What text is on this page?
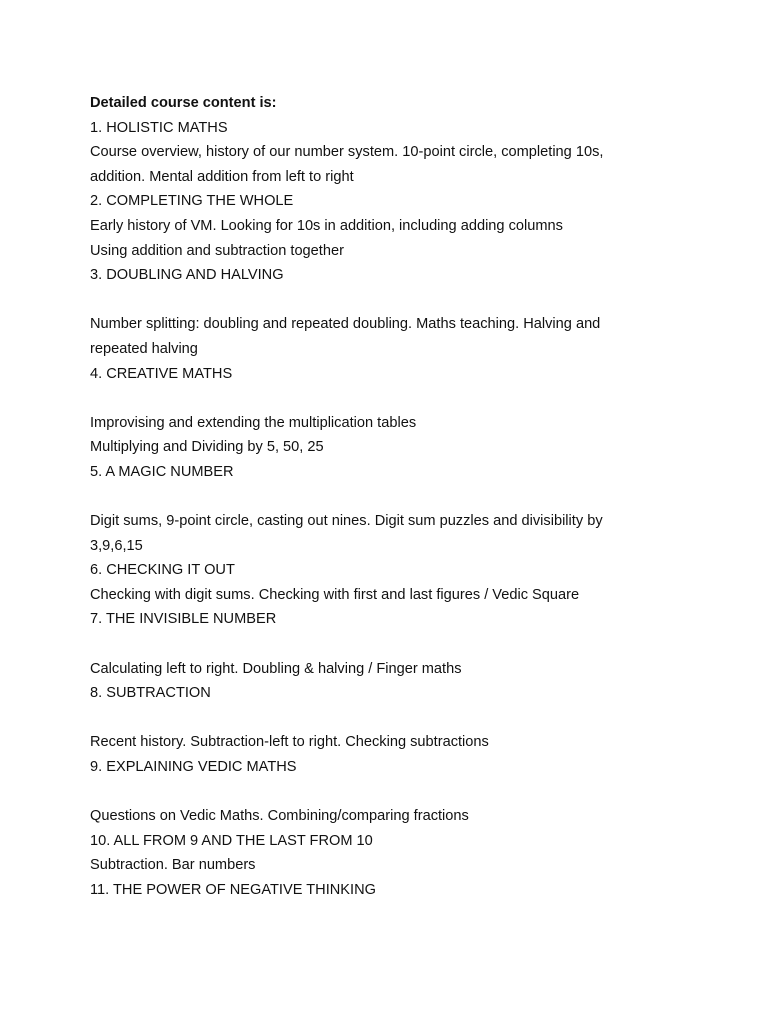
Detailed course content is:
1. HOLISTIC MATHS
Course overview, history of our number system. 10-point circle, completing 10s,
addition. Mental addition from left to right
2. COMPLETING THE WHOLE
Early history of VM. Looking for 10s in addition, including adding columns
Using addition and subtraction together
3. DOUBLING AND HALVING
Number splitting: doubling and repeated doubling. Maths teaching. Halving and
repeated halving
4. CREATIVE MATHS
Improvising and extending the multiplication tables
Multiplying and Dividing by 5, 50, 25
5. A MAGIC NUMBER
Digit sums, 9-point circle, casting out nines. Digit sum puzzles and divisibility by
3,9,6,15
6. CHECKING IT OUT
Checking with digit sums. Checking with first and last figures / Vedic Square
7. THE INVISIBLE NUMBER
Calculating left to right. Doubling & halving / Finger maths
8. SUBTRACTION
Recent history. Subtraction-left to right. Checking subtractions
9. EXPLAINING VEDIC MATHS
Questions on Vedic Maths. Combining/comparing fractions
10. ALL FROM 9 AND THE LAST FROM 10
Subtraction. Bar numbers
11. THE POWER OF NEGATIVE THINKING
